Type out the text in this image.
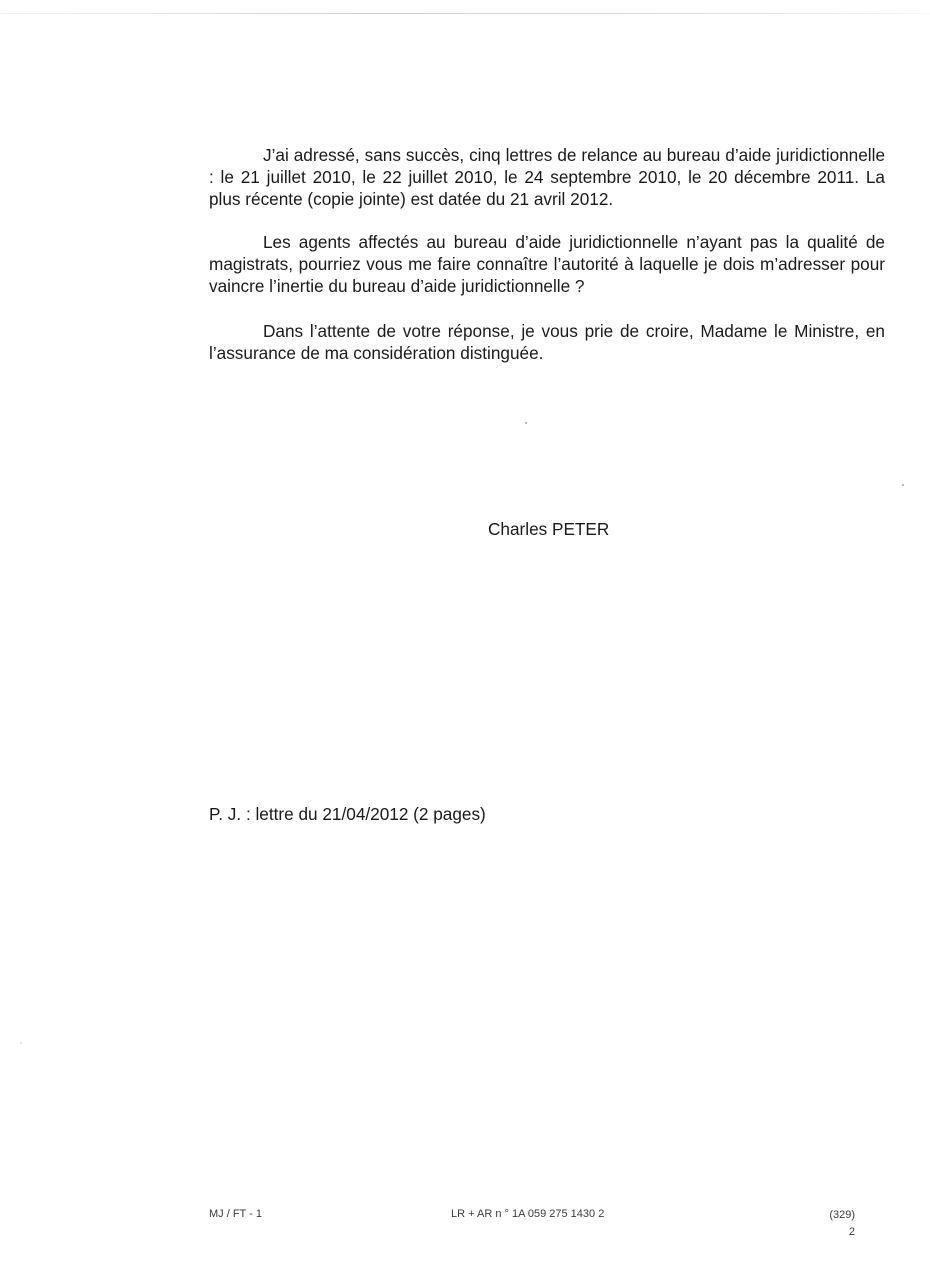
J’ai adressé, sans succès, cinq lettres de relance au bureau d’aide juridictionnelle : le 21 juillet 2010, le 22 juillet 2010, le 24 septembre 2010, le 20 décembre 2011. La plus récente (copie jointe) est datée du 21 avril 2012.

Les agents affectés au bureau d’aide juridictionnelle n’ayant pas la qualité de magistrats, pourriez vous me faire connaître l’autorité à laquelle je dois m’adresser pour vaincre l’inertie du bureau d’aide juridictionnelle ?

Dans l’attente de votre réponse, je vous prie de croire, Madame le Ministre, en l’assurance de ma considération distinguée.

Charles PETER

P. J. : lettre du 21/04/2012 (2 pages)

MJ / FT - 1	LR + AR n ° 1A 059 275 1430 2	(329)

2
